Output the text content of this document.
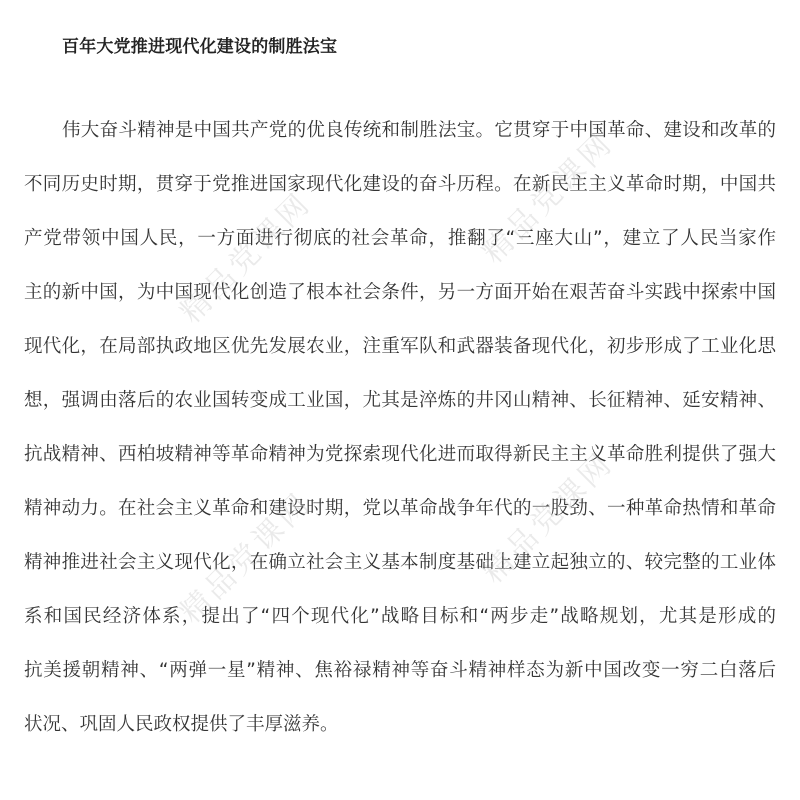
百年大党推进现代化建设的制胜法宝
伟大奋斗精神是中国共产党的优良传统和制胜法宝。它贯穿于中国革命、建设和改革的
不同历史时期，贯穿于党推进国家现代化建设的奋斗历程。在新民主主义革命时期，中国共
产党带领中国人民，一方面进行彻底的社会革命，推翻了“三座大山”，建立了人民当家作
主的新中国，为中国现代化创造了根本社会条件，另一方面开始在艰苦奋斗实践中探索中国
现代化，在局部执政地区优先发展农业，注重军队和武器装备现代化，初步形成了工业化思
想，强调由落后的农业国转变成工业国，尤其是淬炼的井冈山精神、长征精神、延安精神、
抗战精神、西柏坡精神等革命精神为党探索现代化进而取得新民主主义革命胜利提供了强大
精神动力。在社会主义革命和建设时期，党以革命战争年代的一股劲、一种革命热情和革命
精神推进社会主义现代化，在确立社会主义基本制度基础上建立起独立的、较完整的工业体
系和国民经济体系，提出了“四个现代化”战略目标和“两步走”战略规划，尤其是形成的
抗美援朝精神、“两弹一星”精神、焦裕禄精神等奋斗精神样态为新中国改变一穷二白落后
状况、巩固人民政权提供了丰厚滋养。
精品党课网	精品党课网
精品党课网	精品党课网
